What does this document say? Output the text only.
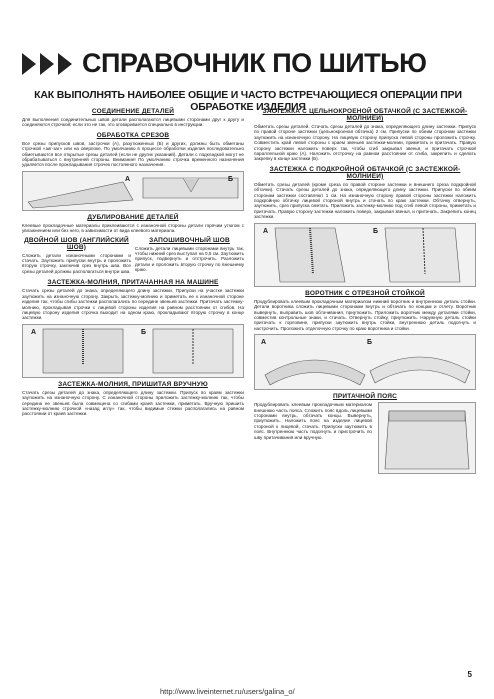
СПРАВОЧНИК ПО ШИТЬЮ
КАК ВЫПОЛНЯТЬ НАИБОЛЕЕ ОБЩИЕ И ЧАСТО ВСТРЕЧАЮЩИЕСЯ ОПЕРАЦИИ ПРИ ОБРАБОТКЕ ИЗДЕЛИЯ
СОЕДИНЕНИЕ ДЕТАЛЕЙ

Для выполнения соединительных швов детали располагаются лицевыми сторонами друг к другу и соединяются строчкой; если это не так, это оговаривается специально в инструкции.

ОБРАБОТКА СРЕЗОВ

Все срезы припусков швов, застрочки (А), разутюженных (Б) и других, должны быть обметаны строчкой «зиг-заг» или на оверлоке. По умолчанию в процессе обработки изделия последовательно обметываются все открытые срезы деталей (если не других указаний). Детали с подкладкой могут не обрабатываться с внутренней стороны. Внимание! По умолчанию строчка временного назначения удаляется после прокладывания строчек постоянного назначения.

А	Б
ДУБЛИРОВАНИЕ ДЕТАЛЕЙ

Клеевые прокладочные материалы приклеиваются с изнаночной стороны детали горячим утюгом с увлажнением или без него, в зависимости от вида клеевого материала.

ДВОЙНОЙ ШОВ (АНГЛИЙСКИЙ ШОВ)

Сложить детали изнаночными сторонами и стачать. Заутюжить припуски внутрь и проложить вторую строчку, заключив срез внутрь шва. Все срезы деталей должны располагаться внутри шва.

ЗАПОШИВОЧНЫЙ ШОВ

Сложить детали лицевыми сторонами внутрь так, чтобы нижний срез выступал на 0,5 см. Заутюжить припуск, подвернуть и отстрочить. Разложить детали и проложить вторую строчку по внешнему краю.

ЗАСТЕЖКА-МОЛНИЯ, ПРИТАЧАННАЯ НА МАШИНЕ

Стачать срезы деталей до знака, определяющего длину застежки. Припуски на участке застежки заутюжить на изнаночную сторону. Закрыть застежку-молнию и приметать ее к изнаночной стороне изделия так, чтобы сгибы застежки располагались по середине звеньев застежки. Притачать застежку-молнию, прокладывая строчки с лицевой стороны изделия на равном расстоянии от сгибов. На лицевую сторону изделия строчка выходит на одном краю, прокладывают вторую строчку в конце застежки.

А	Б
ЗАСТЕЖКА-МОЛНИЯ, ПРИШИТАЯ ВРУЧНУЮ

Стачать срезы деталей до знака, определяющего длину застежки. Припуск по краям застежки заутюжить на изнаночную сторону. С изнаночной стороны приложить застежку-молнию так, чтобы середина ее звеньев была совмещена со сгибами краев застежки, приметать. Вручную пришить застежку-молнию строчкой «назад иглу» так, чтобы видимые стежки располагались на равном расстоянии от краев застежки.

ЗАСТЕЖКА С ЦЕЛЬНОКРОЕНОЙ ОБТАЧКОЙ (С ЗАСТЕЖКОЙ-МОЛНИЕЙ)

Обметать срезы деталей. Стачать срезы деталей до знака, определяющего длину застежки. Припуск по правой стороне застежки (цельнокроеная обтачка) 2 см. Припуски по обеим сторонам застежки заутюжить на изнаночную сторону. На лицевую сторону припуска левой стороны проложить строчку. Совместить край левой стороны с краем звеньев застежки-молнии, приметать и притачать. Правую сторону застежки наложить поверх так, чтобы сгиб закрывал звенья, и притачать строчкой параллельной краю (А). Наложить отстрочку на равном расстоянии от сгиба, закрепить и сделать закрепку в конце застежки (Б).

ЗАСТЕЖКА С ПОДКРОЙНОЙ ОБТАЧКОЙ (С ЗАСТЕЖКОЙ-МОЛНИЕЙ)

Обметать срезы деталей (кроме среза по правой стороне застежки и внешнего среза подкройной обтачки). Стачать срезы деталей до знака, определяющего длину застежки. Припуски по обеим сторонам застежки составляют 1 см. На изнаночную сторону правой стороны застежки наложить подкройную обтачку лицевой стороной внутрь и стачать по краю застежки. Обтачку отвернуть, заутюжить, срез припуска сметать. Приложить застежку-молнию под сгиб левой стороны, приметать и притачать. Правую сторону застежки наложить поверх, закрывая звенья, и притачать. Закрепить конец застежки.

А	Б
ВОРОТНИК С ОТРЕЗНОЙ СТОЙКОЙ

Продублировать клеевым прокладочным материалом нижний воротник и внутреннюю деталь стойки. Детали воротника сложить лицевыми сторонами внутрь и обтачать по концам и отлету. Воротник вывернуть, выправить шов обтачивания, приутюжить. Приложить воротник между деталями стойки, совместив контрольные знаки, и стачать. Отвернуть стойку, приутюжить. Наружную деталь стойки притачать к горловине, припуски заутюжить внутрь стойки, внутреннюю деталь подогнуть и настрочить. Проложить отделочную строчку по краю воротника и стойки.

А	Б
ПРИТАЧНОЙ ПОЯС

Продублировать клеевым прокладочным материалом внешнюю часть пояса. Сложить пояс вдоль лицевыми сторонами внутрь, обтачать концы. Вывернуть, приутюжить. Наложить пояс на изделие лицевой стороной к лицевой, стачать. Припуски заутюжить в пояс. Внутреннюю часть подогнуть и пристрочить по шву притачивания или вручную.

5
http://www.liveinternet.ru/users/galina_o/
